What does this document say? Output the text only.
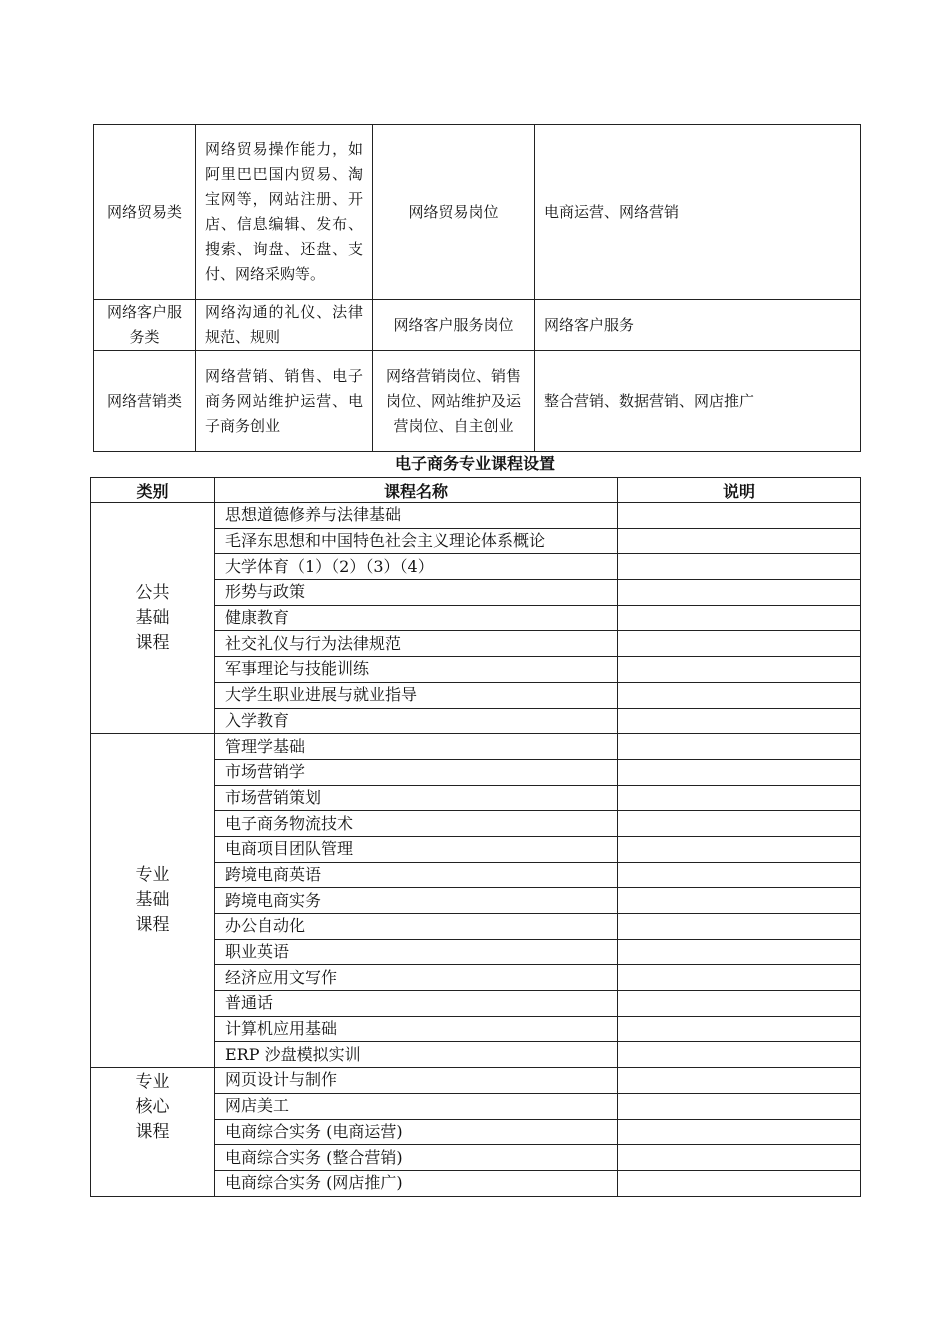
网络贸易类	网络贸易操作能力，如阿里巴巴国内贸易、淘宝网等，网站注册、开店、信息编辑、发布、搜索、询盘、还盘、支付、网络采购等。	网络贸易岗位	电商运营、网络营销
网络客户服务类	网络沟通的礼仪、法律规范、规则	网络客户服务岗位	网络客户服务
网络营销类	网络营销、销售、电子商务网站维护运营、电子商务创业	网络营销岗位、销售岗位、网站维护及运营岗位、自主创业	整合营销、数据营销、网店推广
电子商务专业课程设置
类别	课程名称	说明
公共基础课程	思想道德修养与法律基础	
	毛泽东思想和中国特色社会主义理论体系概论	
	大学体育（1）（2）（3）（4）	
	形势与政策	
	健康教育	
	社交礼仪与行为法律规范	
	军事理论与技能训练	
	大学生职业进展与就业指导	
	入学教育	
专业基础课程	管理学基础	
	市场营销学	
	市场营销策划	
	电子商务物流技术	
	电商项目团队管理	
	跨境电商英语	
	跨境电商实务	
	办公自动化	
	职业英语	
	经济应用文写作	
	普通话	
	计算机应用基础	
	ERP 沙盘模拟实训	
专业核心课程	网页设计与制作	
	网店美工	
	电商综合实务 (电商运营)	
	电商综合实务 (整合营销)	
	电商综合实务 (网店推广)	
